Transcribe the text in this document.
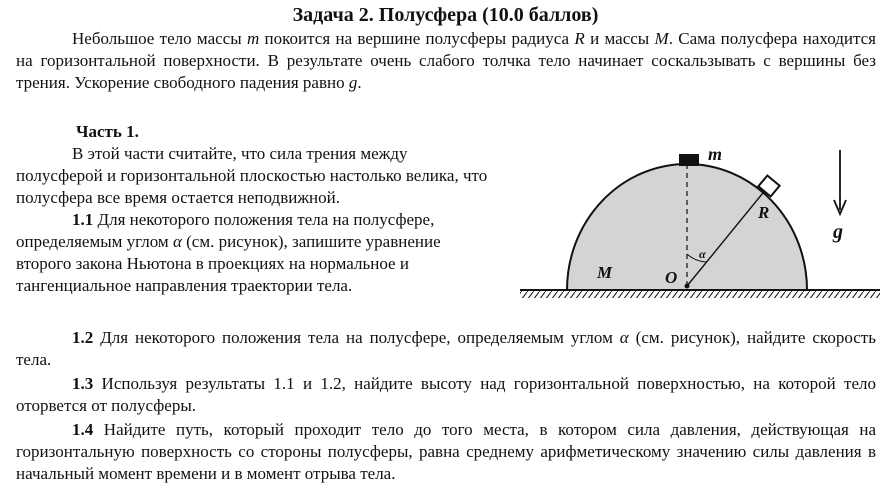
Задача 2. Полусфера (10.0 баллов)

Небольшое тело массы m покоится на вершине полусферы радиуса R и массы M. Сама полусфера находится на горизонтальной поверхности. В результате очень слабого толчка тело начинает соскальзывать с вершины без трения. Ускорение свободного падения равно g.

Часть 1.

В этой части считайте, что сила трения между полусферой и горизонтальной плоскостью настолько велика, что полусфера все время остается неподвижной.

1.1 Для некоторого положения тела на полусфере, определяемым углом α (см. рисунок), запишите уравнение второго закона Ньютона в проекциях на нормальное и тангенциальное направления траектории тела.

m
R
M	O
α
g

1.2 Для некоторого положения тела на полусфере, определяемым углом α (см. рисунок), найдите скорость тела.

1.3 Используя результаты 1.1 и 1.2, найдите высоту над горизонтальной поверхностью, на которой тело оторвется от полусферы.

1.4 Найдите путь, который проходит тело до того места, в котором сила давления, действующая на горизонтальную поверхность со стороны полусферы, равна среднему арифметическому значению силы давления в начальный момент времени и в момент отрыва тела.
